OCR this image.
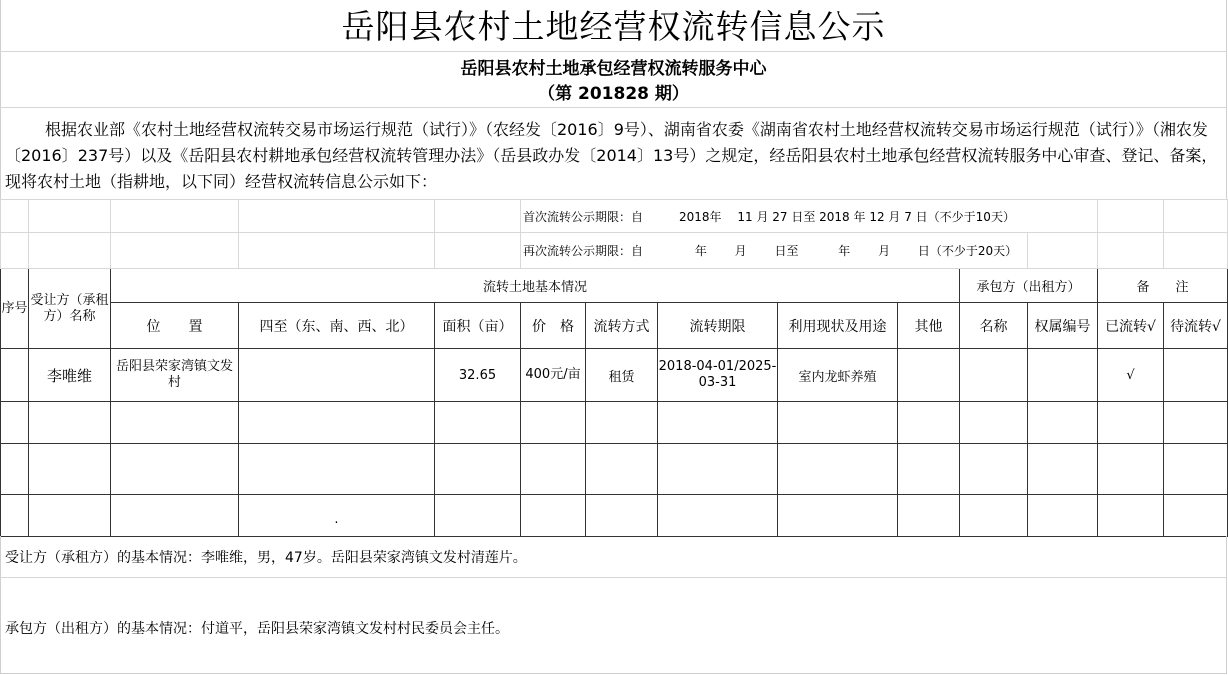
岳阳县农村土地经营权流转信息公示
岳阳县农村土地承包经营权流转服务中心
（第 201828 期）
根据农业部《农村土地经营权流转交易市场运行规范（试行）》（农经发〔2016〕9号）、湖南省农委《湖南省农村土地经营权流转交易市场运行规范（试行）》（湘农发〔2016〕237号）以及《岳阳县农村耕地承包经营权流转管理办法》（岳县政办发〔2014〕13号）之规定，经岳阳县农村土地承包经营权流转服务中心审查、登记、备案，现将农村土地（指耕地，以下同）经营权流转信息公示如下：
					首次流转公示期限：自　　　2018年　 11 月 27 日至 2018 年 12 月 7 日（不少于10天）								
					再次流转公示期限：自　　　　 年　　 月　　 日至　　　 年　　 月　　 日（不少于20天）								
序号	受让方（承租方）名称	流转土地基本情况								承包方（出租方）		备　　注	
		位　　置	四至（东、南、西、北）	面积（亩）	价　格	流转方式	流转期限	利用现状及用途	其他	名称	权属编号	已流转√	待流转√
	李唯维	岳阳县荣家湾镇文发村		32.65	400元/亩	租赁	2018-04-01/2025-03-31	室内龙虾养殖				√	

			.										
受让方（承租方）的基本情况：李唯维，男，47岁。岳阳县荣家湾镇文发村清莲片。
承包方（出租方）的基本情况：付道平，岳阳县荣家湾镇文发村村民委员会主任。
